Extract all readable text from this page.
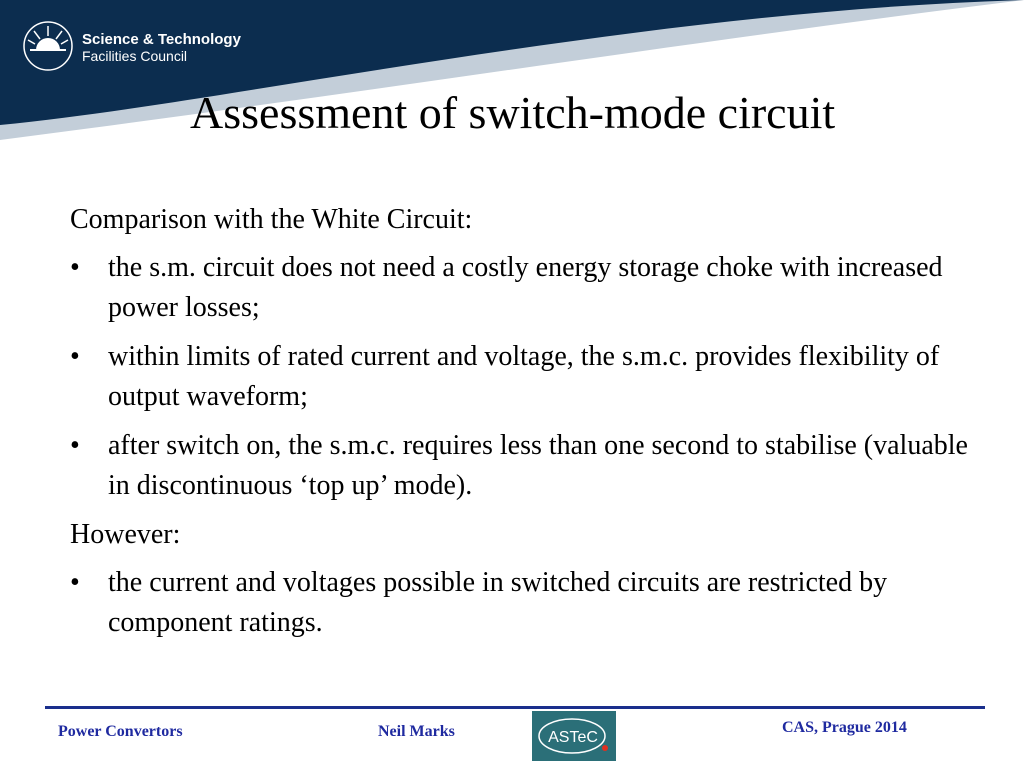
Science & Technology
Facilities Council
Assessment of switch-mode circuit

Comparison with the White Circuit:

• the s.m. circuit does not need a costly energy storage choke with increased power losses;
• within limits of rated current and voltage, the s.m.c. provides flexibility of output waveform;
• after switch on, the s.m.c. requires less than one second to stabilise (valuable in discontinuous ‘top up’ mode).

However:

• the current and voltages possible in switched circuits are restricted by component ratings.
Power Convertors	Neil Marks	CAS, Prague 2014
ASTeC
